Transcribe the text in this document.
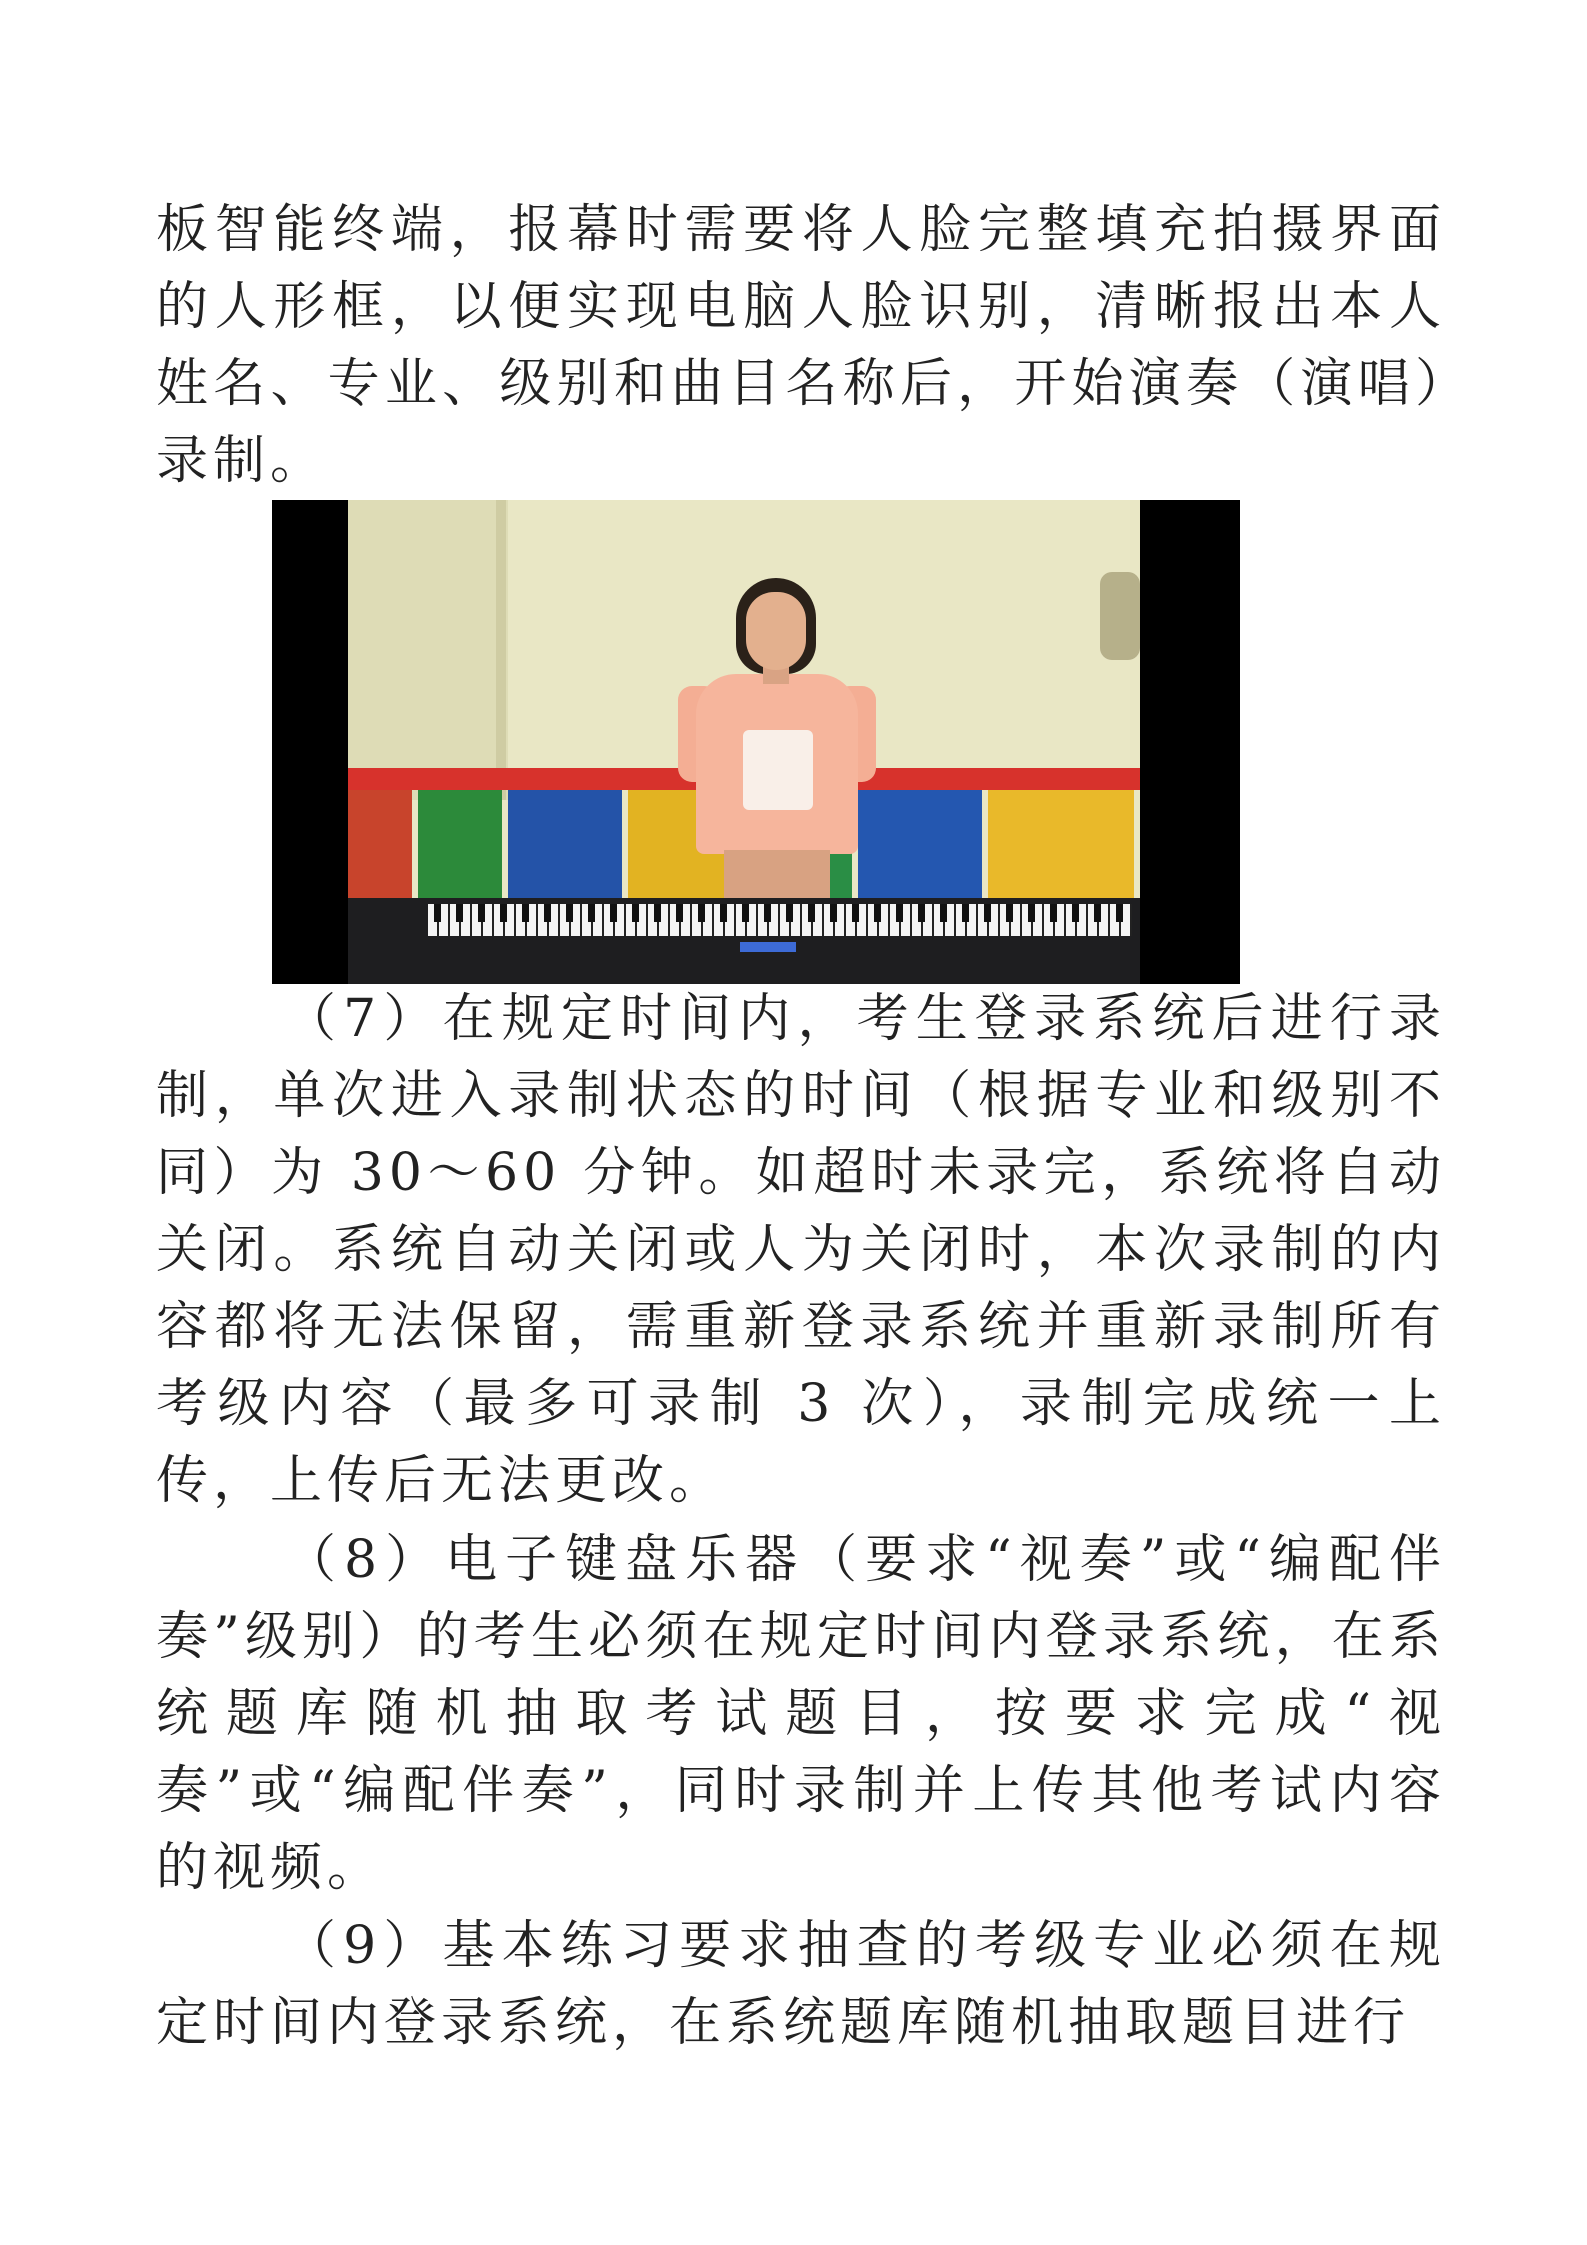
板智能终端，报幕时需要将人脸完整填充拍摄界面的人形框，以便实现电脑人脸识别，清晰报出本人姓名、专业、级别和曲目名称后，开始演奏（演唱）录制。

（7）在规定时间内，考生登录系统后进行录制，单次进入录制状态的时间（根据专业和级别不同）为 30～60 分钟。如超时未录完，系统将自动关闭。系统自动关闭或人为关闭时，本次录制的内容都将无法保留，需重新登录系统并重新录制所有考级内容（最多可录制 3 次），录制完成统一上传，上传后无法更改。

（8）电子键盘乐器（要求“视奏”或“编配伴奏”级别）的考生必须在规定时间内登录系统，在系统题库随机抽取考试题目，按要求完成“视奏”或“编配伴奏”，同时录制并上传其他考试内容的视频。

（9）基本练习要求抽查的考级专业必须在规定时间内登录系统，在系统题库随机抽取题目进行
